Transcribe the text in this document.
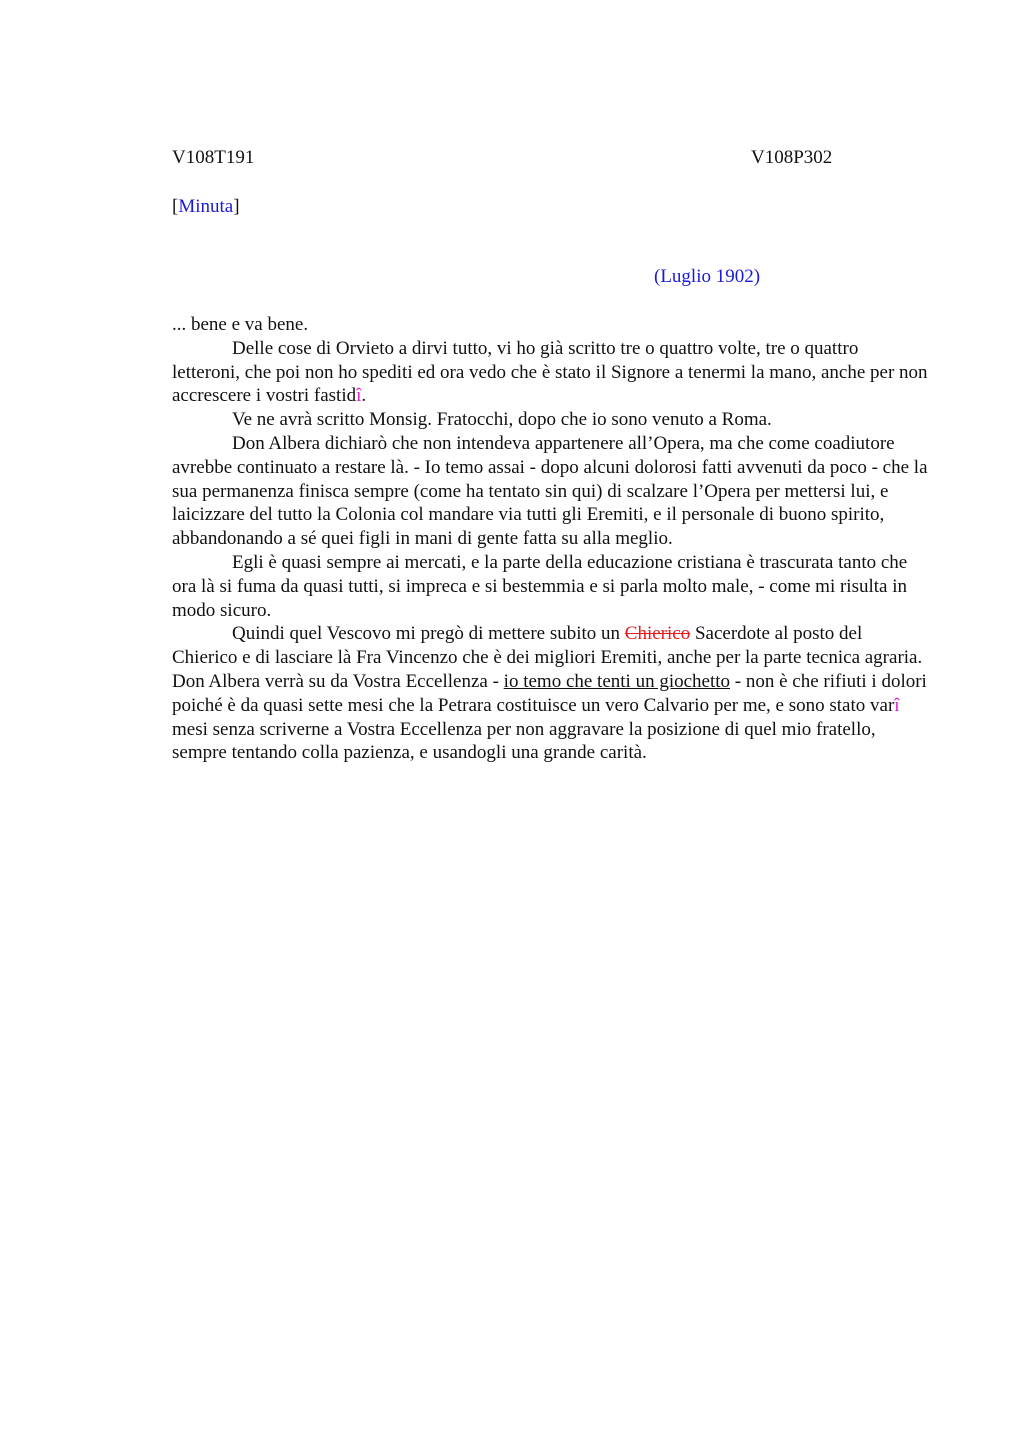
V108T191	V108P302
[Minuta]
(Luglio 1902)

... bene e va bene.

Delle cose di Orvieto a dirvi tutto, vi ho già scritto tre o quattro volte, tre o quattro letteroni, che poi non ho spediti ed ora vedo che è stato il Signore a tenermi la mano, anche per non accrescere i vostri fastidî.

Ve ne avrà scritto Monsig. Fratocchi, dopo che io sono venuto a Roma.

Don Albera dichiarò che non intendeva appartenere all’Opera, ma che come coadiutore avrebbe continuato a restare là. - Io temo assai - dopo alcuni dolorosi fatti avvenuti da poco - che la sua permanenza finisca sempre (come ha tentato sin qui) di scalzare l’Opera per mettersi lui, e laicizzare del tutto la Colonia col mandare via tutti gli Eremiti, e il personale di buono spirito, abbandonando a sé quei figli in mani di gente fatta su alla meglio.

Egli è quasi sempre ai mercati, e la parte della educazione cristiana è trascurata tanto che ora là si fuma da quasi tutti, si impreca e si bestemmia e si parla molto male, - come mi risulta in modo sicuro.

Quindi quel Vescovo mi pregò di mettere subito un Chierico Sacerdote al posto del Chierico e di lasciare là Fra Vincenzo che è dei migliori Eremiti, anche per la parte tecnica agraria.

Don Albera verrà su da Vostra Eccellenza - io temo che tenti un giochetto - non è che rifiuti i dolori poiché è da quasi sette mesi che la Petrara costituisce un vero Calvario per me, e sono stato varî mesi senza scriverne a Vostra Eccellenza per non aggravare la posizione di quel mio fratello, sempre tentando colla pazienza, e usandogli una grande carità.
